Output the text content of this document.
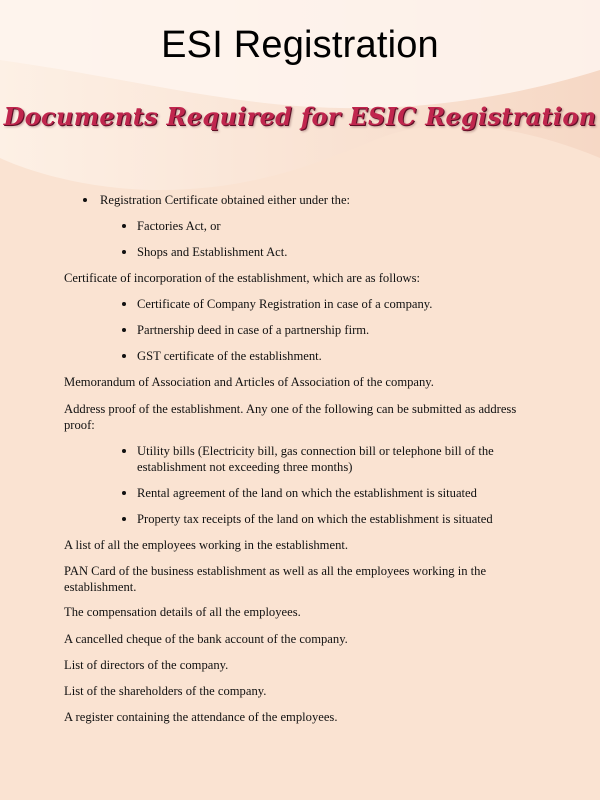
ESI Registration
Documents Required for ESIC Registration
Registration Certificate obtained either under the:
Factories Act, or
Shops and Establishment Act.
Certificate of incorporation of the establishment, which are as follows:
Certificate of Company Registration in case of a company.
Partnership deed in case of a partnership firm.
GST certificate of the establishment.
Memorandum of Association and Articles of Association of the company.
Address proof of the establishment. Any one of the following can be submitted as address
proof:
Utility bills (Electricity bill, gas connection bill or telephone bill of the
establishment not exceeding three months)
Rental agreement of the land on which the establishment is situated
Property tax receipts of the land on which the establishment is situated
A list of all the employees working in the establishment.
PAN Card of the business establishment as well as all the employees working in the
establishment.
The compensation details of all the employees.
A cancelled cheque of the bank account of the company.
List of directors of the company.
List of the shareholders of the company.
A register containing the attendance of the employees.
